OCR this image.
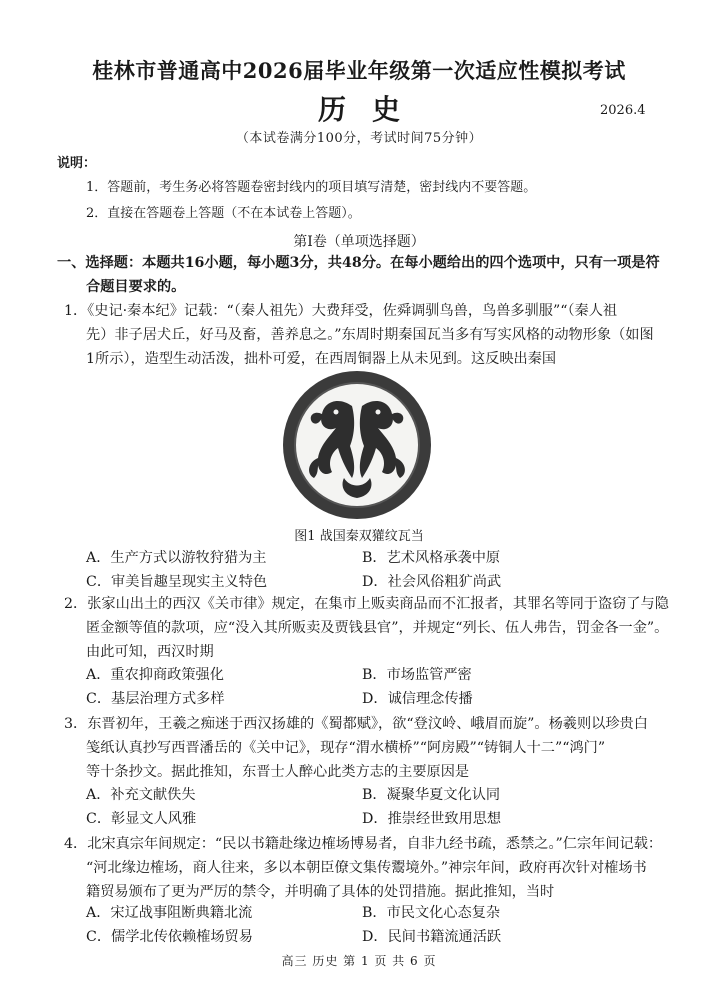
桂林市普通高中2026届毕业年级第一次适应性模拟考试
历史	2026.4
（本试卷满分100分，考试时间75分钟）
说明：
1．答题前，考生务必将答题卷密封线内的项目填写清楚，密封线内不要答题。
2．直接在答题卷上答题（不在本试卷上答题）。
第Ⅰ卷（单项选择题）
一、选择题：本题共16小题，每小题3分，共48分。在每小题给出的四个选项中，只有一项是符
合题目要求的。
1．《史记·秦本纪》记载：“（秦人祖先）大费拜受，佐舜调驯鸟兽，鸟兽多驯服”“（秦人祖
先）非子居犬丘，好马及畜，善养息之。”东周时期秦国瓦当多有写实风格的动物形象（如图
1所示），造型生动活泼，拙朴可爱，在西周铜器上从未见到。这反映出秦国
图1 战国秦双獾纹瓦当
A．生产方式以游牧狩猎为主	B．艺术风格承袭中原
C．审美旨趣呈现实主义特色	D．社会风俗粗犷尚武
2．张家山出土的西汉《关市律》规定，在集市上贩卖商品而不汇报者，其罪名等同于盗窃了与隐
匿金额等值的款项，应“没入其所贩卖及贾钱县官”，并规定“列长、伍人弗告，罚金各一金”。
由此可知，西汉时期
A．重农抑商政策强化	B．市场监管严密
C．基层治理方式多样	D．诚信理念传播
3．东晋初年，王羲之痴迷于西汉扬雄的《蜀都赋》，欲“登汶岭、峨眉而旋”。杨羲则以珍贵白
笺纸认真抄写西晋潘岳的《关中记》，现存“渭水横桥”“阿房殿”“铸铜人十二”“鸿门”
等十条抄文。据此推知，东晋士人醉心此类方志的主要原因是
A．补充文献佚失	B．凝聚华夏文化认同
C．彰显文人风雅	D．推崇经世致用思想
4．北宋真宗年间规定：“民以书籍赴缘边榷场博易者，自非九经书疏，悉禁之。”仁宗年间记载：
“河北缘边榷场，商人往来，多以本朝臣僚文集传鬻境外。”神宗年间，政府再次针对榷场书
籍贸易颁布了更为严厉的禁令，并明确了具体的处罚措施。据此推知，当时
A．宋辽战事阻断典籍北流	B．市民文化心态复杂
C．儒学北传依赖榷场贸易	D．民间书籍流通活跃
高三 历史 第 1 页 共 6 页
